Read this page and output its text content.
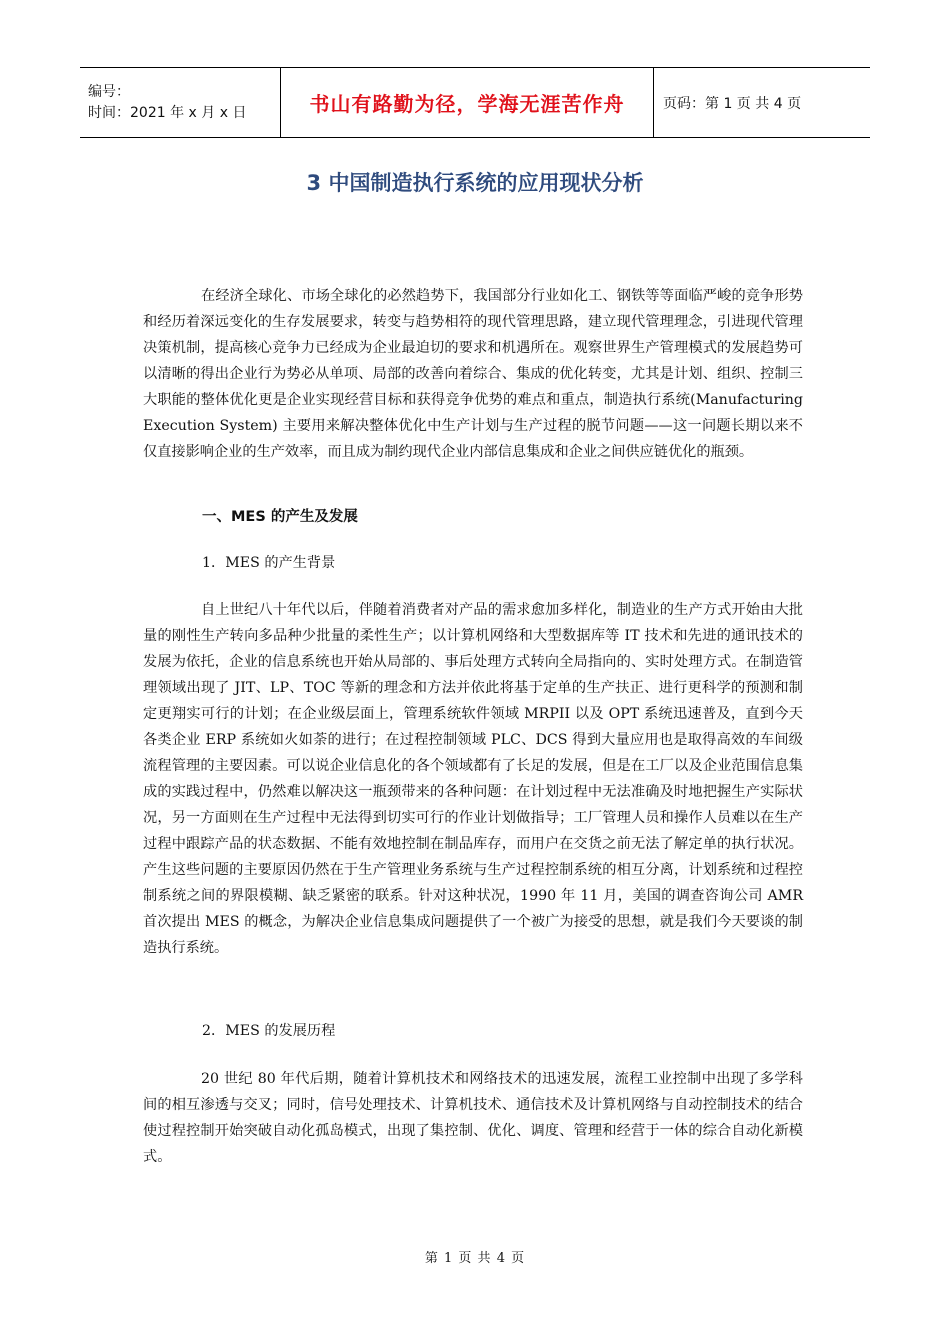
编号：
时间：2021 年 x 月 x 日	书山有路勤为径，学海无涯苦作舟	页码：第 1 页 共 4 页
3 中国制造执行系统的应用现状分析

在经济全球化、市场全球化的必然趋势下，我国部分行业如化工、钢铁等等面临严峻的竞争形势和经历着深远变化的生存发展要求，转变与趋势相符的现代管理思路，建立现代管理理念，引进现代管理决策机制，提高核心竞争力已经成为企业最迫切的要求和机遇所在。观察世界生产管理模式的发展趋势可以清晰的得出企业行为势必从单项、局部的改善向着综合、集成的优化转变，尤其是计划、组织、控制三大职能的整体优化更是企业实现经营目标和获得竞争优势的难点和重点，制造执行系统(Manufacturing Execution System) 主要用来解决整体优化中生产计划与生产过程的脱节问题——这一问题长期以来不仅直接影响企业的生产效率，而且成为制约现代企业内部信息集成和企业之间供应链优化的瓶颈。

一、MES 的产生及发展

1．MES 的产生背景

自上世纪八十年代以后，伴随着消费者对产品的需求愈加多样化，制造业的生产方式开始由大批量的刚性生产转向多品种少批量的柔性生产；以计算机网络和大型数据库等 IT 技术和先进的通讯技术的发展为依托，企业的信息系统也开始从局部的、事后处理方式转向全局指向的、实时处理方式。在制造管理领域出现了 JIT、LP、TOC 等新的理念和方法并依此将基于定单的生产扶正、进行更科学的预测和制定更翔实可行的计划；在企业级层面上，管理系统软件领域 MRPII 以及 OPT 系统迅速普及，直到今天各类企业 ERP 系统如火如荼的进行；在过程控制领域 PLC、DCS 得到大量应用也是取得高效的车间级流程管理的主要因素。可以说企业信息化的各个领域都有了长足的发展，但是在工厂以及企业范围信息集成的实践过程中，仍然难以解决这一瓶颈带来的各种问题：在计划过程中无法准确及时地把握生产实际状况，另一方面则在生产过程中无法得到切实可行的作业计划做指导；工厂管理人员和操作人员难以在生产过程中跟踪产品的状态数据、不能有效地控制在制品库存，而用户在交货之前无法了解定单的执行状况。产生这些问题的主要原因仍然在于生产管理业务系统与生产过程控制系统的相互分离，计划系统和过程控制系统之间的界限模糊、缺乏紧密的联系。针对这种状况，1990 年 11 月，美国的调查咨询公司 AMR 首次提出 MES 的概念，为解决企业信息集成问题提供了一个被广为接受的思想，就是我们今天要谈的制造执行系统。

2．MES 的发展历程

20 世纪 80 年代后期，随着计算机技术和网络技术的迅速发展，流程工业控制中出现了多学科间的相互渗透与交叉；同时，信号处理技术、计算机技术、通信技术及计算机网络与自动控制技术的结合使过程控制开始突破自动化孤岛模式，出现了集控制、优化、调度、管理和经营于一体的综合自动化新模式。

第 1 页 共 4 页
